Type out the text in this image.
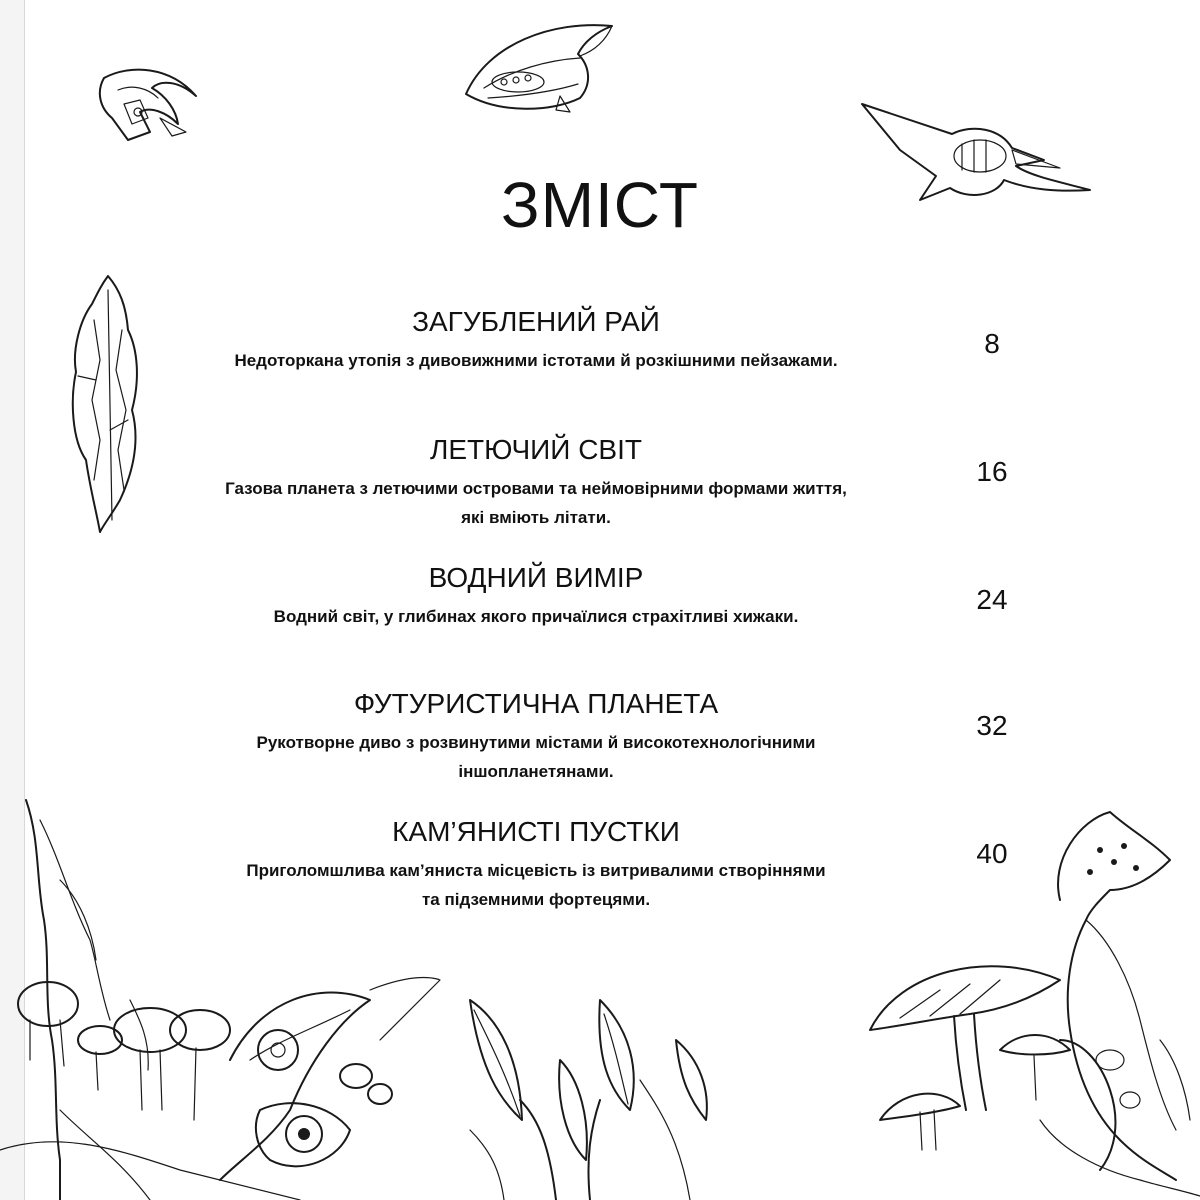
ЗМІСТ
ЗАГУБЛЕНИЙ РАЙ

Недоторкана утопія з дивовижними істотами й розкішними пейзажами.

8
ЛЕТЮЧИЙ СВІТ

Газова планета з летючими островами та неймовірними формами життя,
які вміють літати.

16
ВОДНИЙ ВИМІР

Водний світ, у глибинах якого причаїлися страхітливі хижаки.

24
ФУТУРИСТИЧНА ПЛАНЕТА

Рукотворне диво з розвинутими містами й високотехнологічними
іншопланетянами.

32
КАМ’ЯНИСТІ ПУСТКИ

Приголомшлива кам’яниста місцевість із витривалими створіннями
та підземними фортецями.

40
